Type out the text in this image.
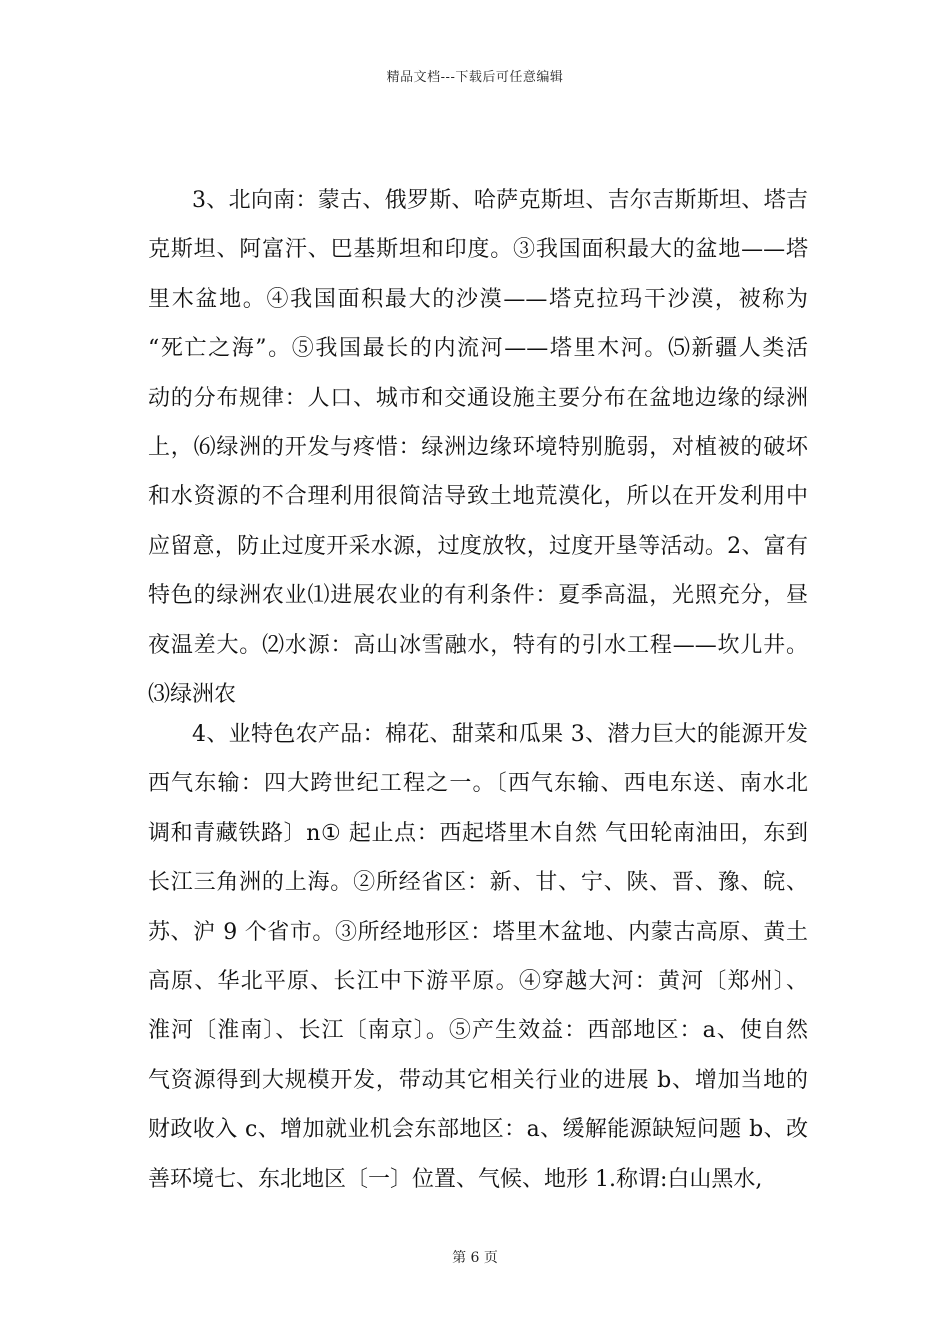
精品文档---下载后可任意编辑
3、北向南：蒙古、俄罗斯、哈萨克斯坦、吉尔吉斯斯坦、塔吉
克斯坦、阿富汗、巴基斯坦和印度。③我国面积最大的盆地——塔
里木盆地。④我国面积最大的沙漠——塔克拉玛干沙漠，被称为
“死亡之海”。⑤我国最长的内流河——塔里木河。⑸新疆人类活
动的分布规律：人口、城市和交通设施主要分布在盆地边缘的绿洲
上，⑹绿洲的开发与疼惜：绿洲边缘环境特别脆弱，对植被的破坏
和水资源的不合理利用很简洁导致土地荒漠化，所以在开发利用中
应留意，防止过度开采水源，过度放牧，过度开垦等活动。2、富有
特色的绿洲农业⑴进展农业的有利条件：夏季高温，光照充分，昼
夜温差大。⑵水源：高山冰雪融水，特有的引水工程——坎儿井。
⑶绿洲农
4、业特色农产品：棉花、甜菜和瓜果 3、潜力巨大的能源开发
西气东输：四大跨世纪工程之一。〔西气东输、西电东送、南水北
调和青藏铁路〕n① 起止点：西起塔里木自然 气田轮南油田，东到
长江三角洲的上海。②所经省区：新、甘、宁、陕、晋、豫、皖、
苏、沪 9 个省市。③所经地形区：塔里木盆地、内蒙古高原、黄土
高原、华北平原、长江中下游平原。④穿越大河：黄河〔郑州〕、
淮河〔淮南〕、长江〔南京〕。⑤产生效益：西部地区：a、使自然
气资源得到大规模开发，带动其它相关行业的进展 b、增加当地的
财政收入 c、增加就业机会东部地区：a、缓解能源缺短问题 b、改
善环境七、东北地区〔一〕位置、气候、地形 1.称谓:白山黑水,
第 6 页
